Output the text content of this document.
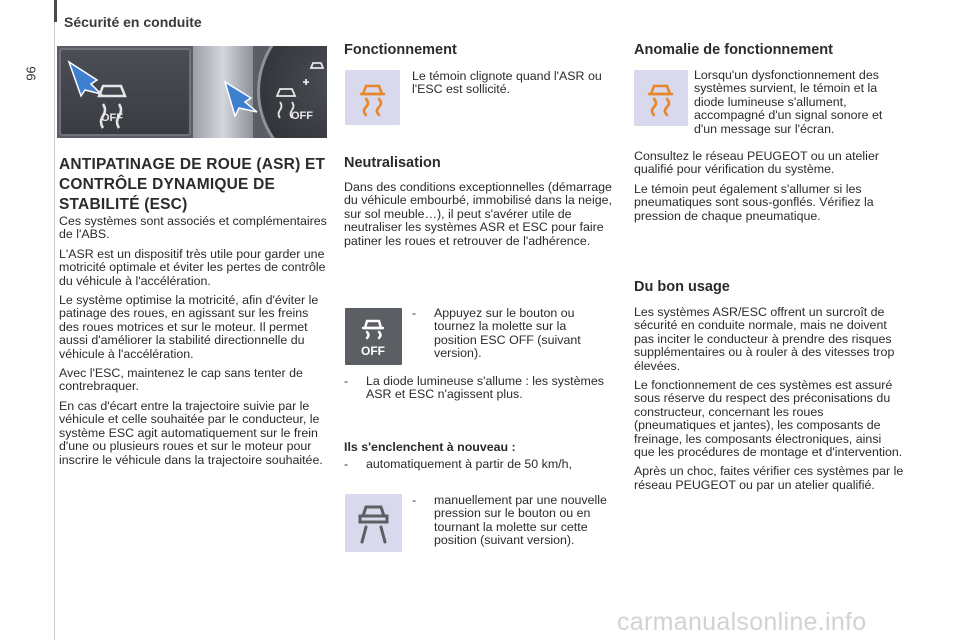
96
Sécurité en conduite
OFF	OFF
ANTIPATINAGE DE ROUE (ASR) ET CONTRÔLE DYNAMIQUE DE STABILITÉ (ESC)

Ces systèmes sont associés et complémentaires de l'ABS.

L'ASR est un dispositif très utile pour garder une motricité optimale et éviter les pertes de contrôle du véhicule à l'accélération.

Le système optimise la motricité, afin d'éviter le patinage des roues, en agissant sur les freins des roues motrices et sur le moteur. Il permet aussi d'améliorer la stabilité directionnelle du véhicule à l'accélération.

Avec l'ESC, maintenez le cap sans tenter de contrebraquer.

En cas d'écart entre la trajectoire suivie par le véhicule et celle souhaitée par le conducteur, le système ESC agit automatiquement sur le frein d'une ou plusieurs roues et sur le moteur pour inscrire le véhicule dans la trajectoire souhaitée.

Fonctionnement
Le témoin clignote quand l'ASR ou l'ESC est sollicité.
Neutralisation
Dans des conditions exceptionnelles (démarrage du véhicule embourbé, immobilisé dans la neige, sur sol meuble…), il peut s'avérer utile de neutraliser les systèmes ASR et ESC pour faire patiner les roues et retrouver de l'adhérence.
OFF
- Appuyez sur le bouton ou tournez la molette sur la position ESC OFF (suivant version).
- La diode lumineuse s'allume : les systèmes ASR et ESC n'agissent plus.
Ils s'enclenchent à nouveau :
- automatiquement à partir de 50 km/h,
- manuellement par une nouvelle pression sur le bouton ou en tournant la molette sur cette position (suivant version).
Anomalie de fonctionnement

Lorsqu'un dysfonctionnement des systèmes survient, le témoin et la diode lumineuse s'allument, accompagné d'un signal sonore et d'un message sur l'écran.

Consultez le réseau PEUGEOT ou un atelier qualifié pour vérification du système.

Le témoin peut également s'allumer si les pneumatiques sont sous-gonflés. Vérifiez la pression de chaque pneumatique.

Du bon usage

Les systèmes ASR/ESC offrent un surcroît de sécurité en conduite normale, mais ne doivent pas inciter le conducteur à prendre des risques supplémentaires ou à rouler à des vitesses trop élevées.

Le fonctionnement de ces systèmes est assuré sous réserve du respect des préconisations du constructeur, concernant les roues (pneumatiques et jantes), les composants de freinage, les composants électroniques, ainsi que les procédures de montage et d'intervention.

Après un choc, faites vérifier ces systèmes par le réseau PEUGEOT ou par un atelier qualifié.

carmanualsonline.info
